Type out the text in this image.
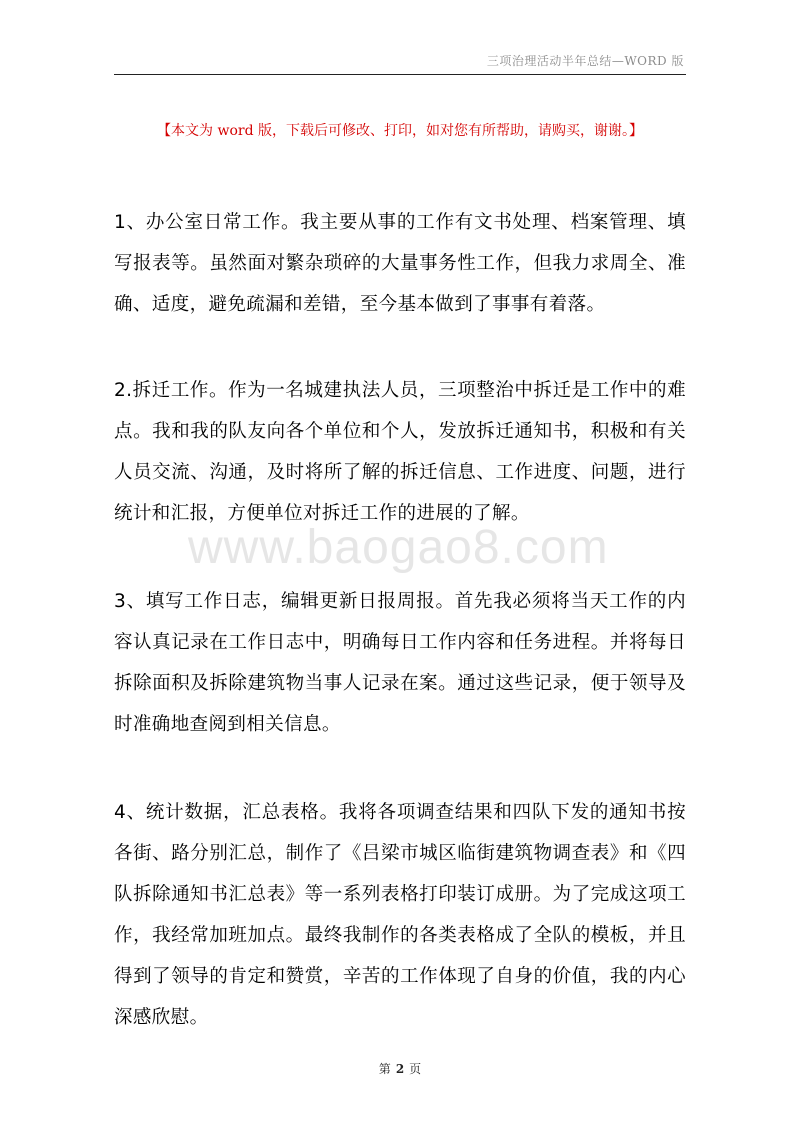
三项治理活动半年总结—WORD 版
【本文为 word 版，下载后可修改、打印，如对您有所帮助，请购买，谢谢。】
www.baogao8.com

1、办公室日常工作。我主要从事的工作有文书处理、档案管理、填写报表等。虽然面对繁杂琐碎的大量事务性工作，但我力求周全、准确、适度，避免疏漏和差错，至今基本做到了事事有着落。

2.拆迁工作。作为一名城建执法人员，三项整治中拆迁是工作中的难点。我和我的队友向各个单位和个人，发放拆迁通知书，积极和有关人员交流、沟通，及时将所了解的拆迁信息、工作进度、问题，进行统计和汇报，方便单位对拆迁工作的进展的了解。

3、填写工作日志，编辑更新日报周报。首先我必须将当天工作的内容认真记录在工作日志中，明确每日工作内容和任务进程。并将每日拆除面积及拆除建筑物当事人记录在案。通过这些记录，便于领导及时准确地查阅到相关信息。

4、统计数据，汇总表格。我将各项调查结果和四队下发的通知书按各街、路分别汇总，制作了《吕梁市城区临街建筑物调查表》和《四队拆除通知书汇总表》等一系列表格打印装订成册。为了完成这项工作，我经常加班加点。最终我制作的各类表格成了全队的模板，并且得到了领导的肯定和赞赏，辛苦的工作体现了自身的价值，我的内心深感欣慰。

第 2 页
